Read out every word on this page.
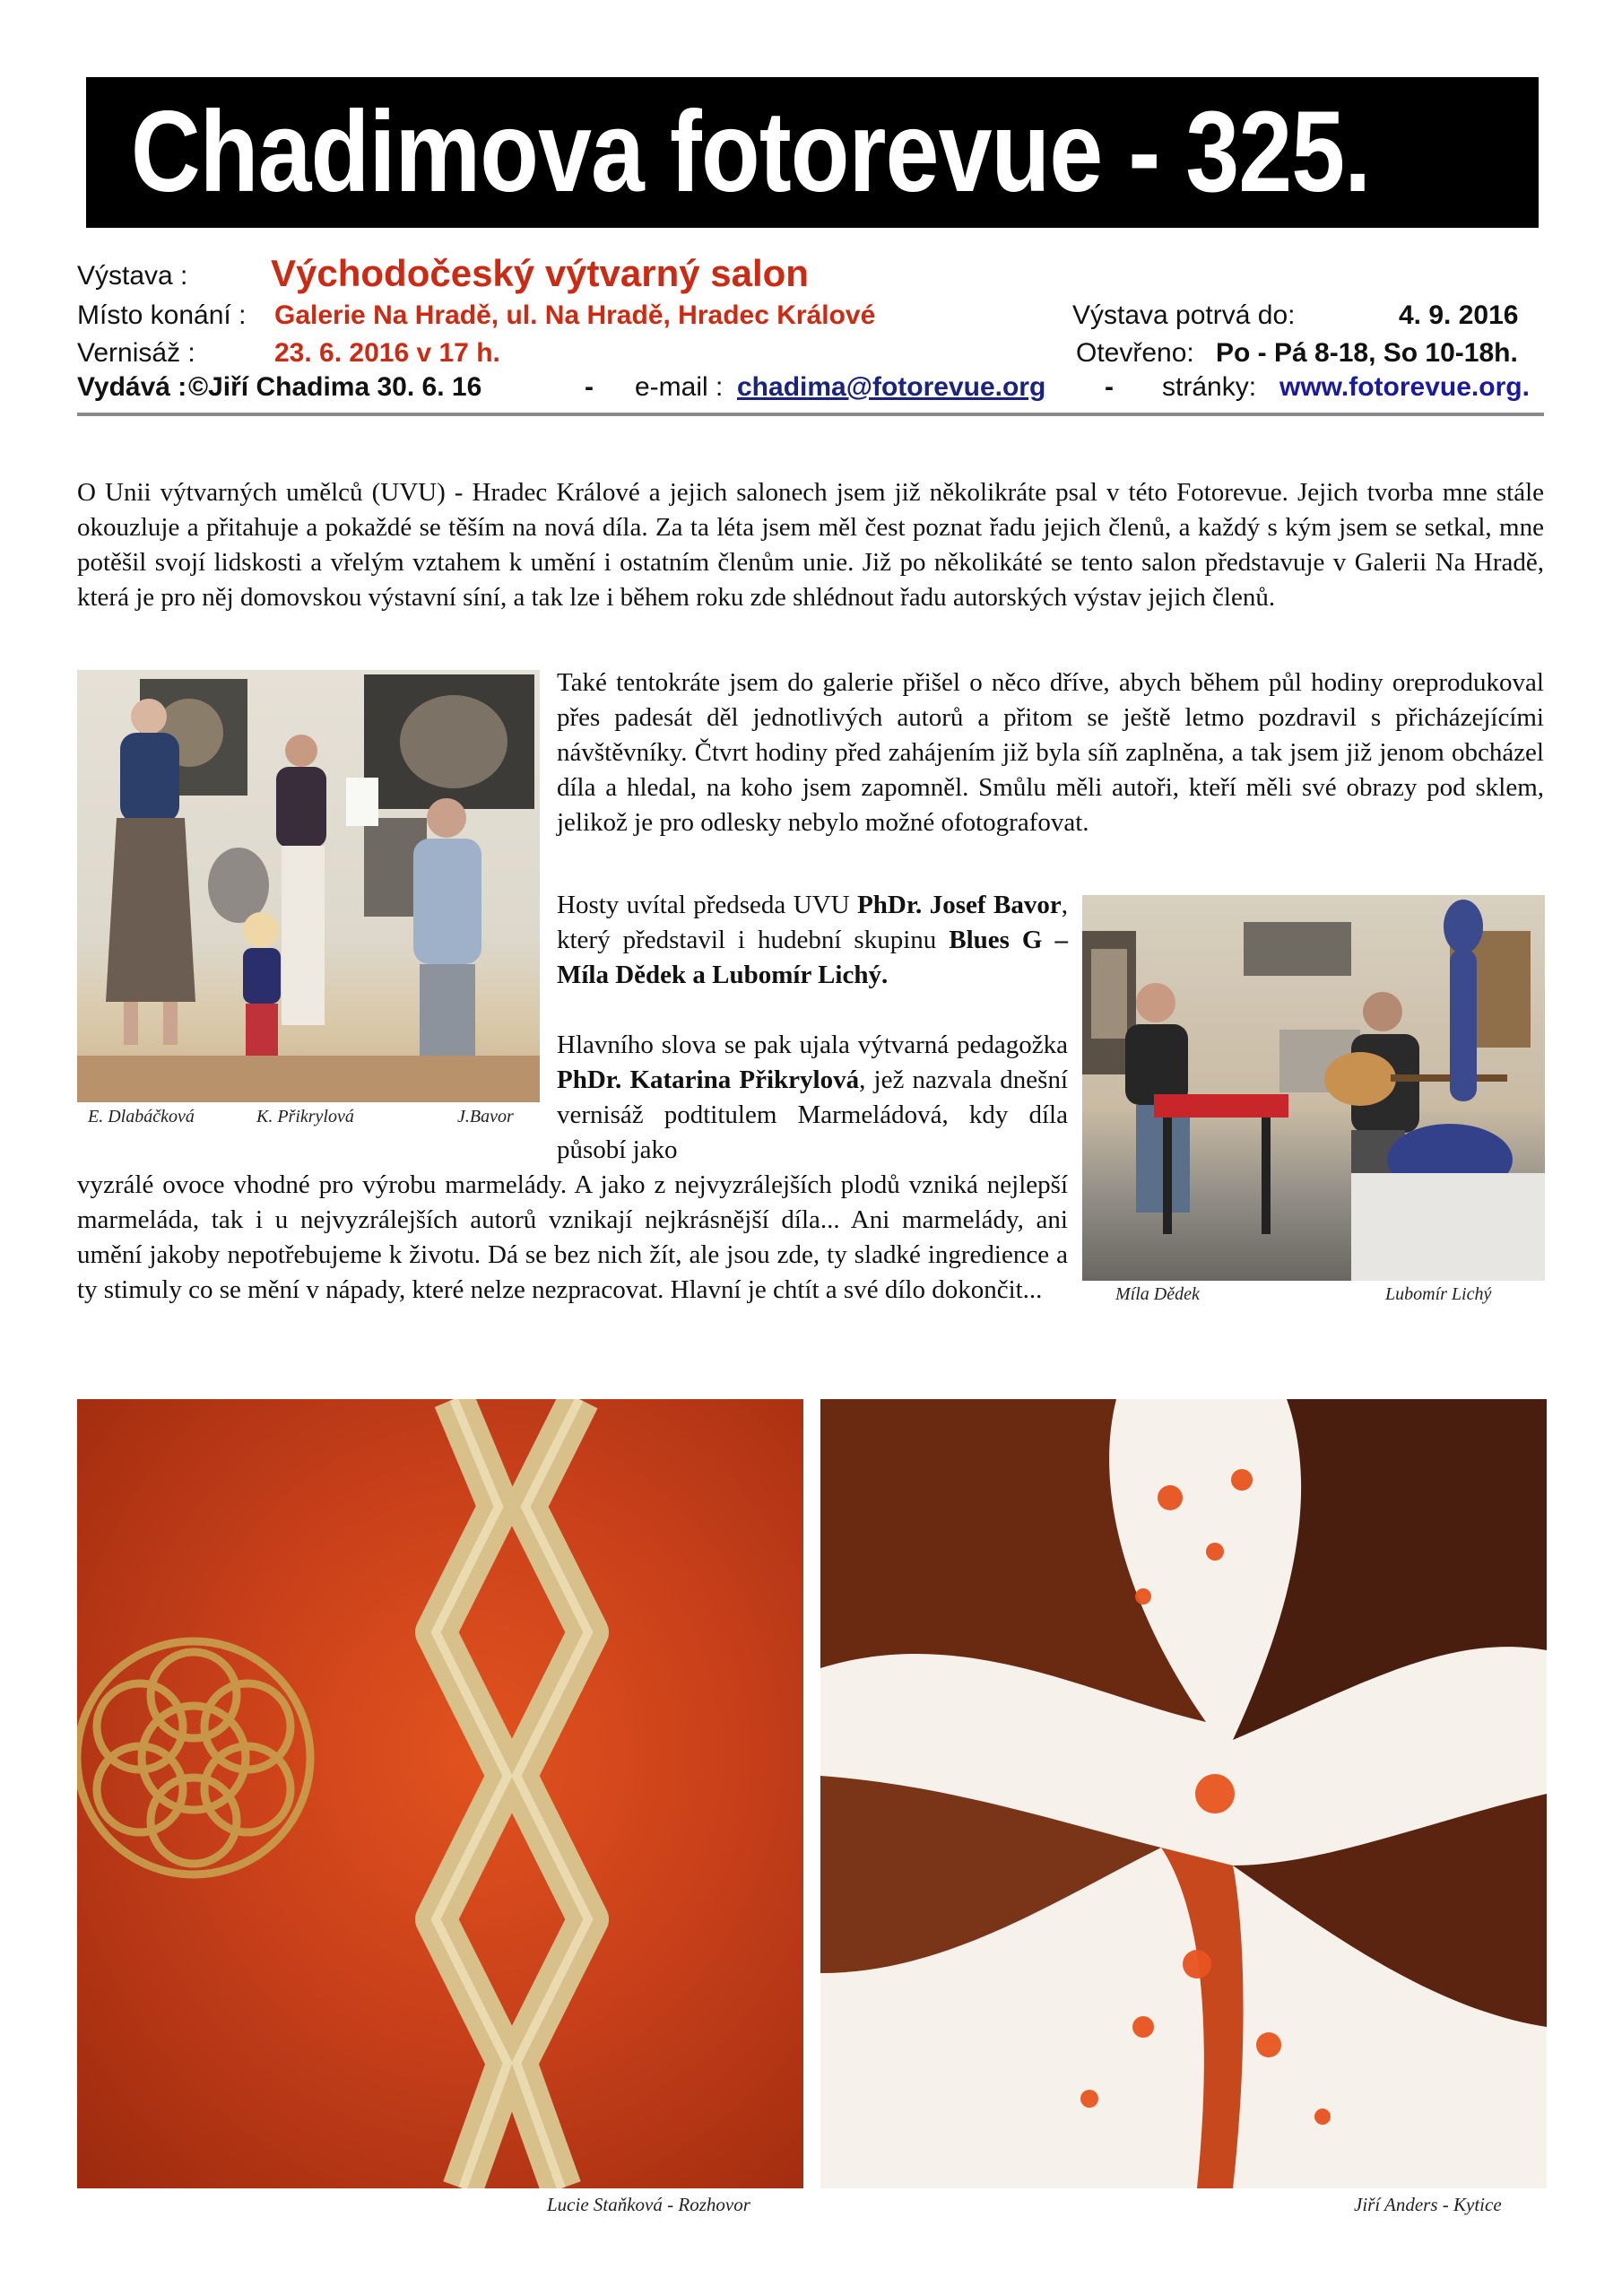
Chadimova fotorevue - 325.
Výstava : Východočeský výtvarný salon
Místo konání : Galerie Na Hradě, ul. Na Hradě, Hradec Králové	Výstava potrvá do:	4. 9. 2016
Vernisáž :	23. 6. 2016 v 17 h.	Otevřeno: Po - Pá 8-18, So 10-18h.
Vydává : ©Jiří Chadima 30. 6. 16	- e-mail : chadima@fotorevue.org - stránky: www.fotorevue.org.
O Unii výtvarných umělců (UVU) - Hradec Králové a jejich salonech jsem již několikráte psal v této Fotorevue. Jejich tvorba mne stále okouzluje a přitahuje a pokaždé se těším na nová díla. Za ta léta jsem měl čest poznat řadu jejich členů, a každý s kým jsem se setkal, mne potěšil svojí lidskosti a vřelým vztahem k umění i ostatním členům unie. Již po několikáté se tento salon představuje v Galerii Na Hradě, která je pro něj domovskou výstavní síní, a tak lze i během roku zde shlédnout řadu autorských výstav jejich členů.
E. Dlabáčková	K. Přikrylová	J.Bavor
Také tentokráte jsem do galerie přišel o něco dříve, abych během půl hodiny oreprodukoval přes padesát děl jednotlivých autorů a přitom se ještě letmo pozdravil s přicházejícími návštěvníky. Čtvrt hodiny před zahájením již byla síň zaplněna, a tak jsem již jenom obcházel díla a hledal, na koho jsem zapomněl. Smůlu měli autoři, kteří měli své obrazy pod sklem, jelikož je pro odlesky nebylo možné ofotografovat.
Hosty uvítal předseda UVU PhDr. Josef Bavor, který představil i hudební skupinu Blues G – Míla Dědek a Lubomír Lichý.
Hlavního slova se pak ujala výtvarná pedagožka PhDr. Katarina Přikrylová, jež nazvala dnešní vernisáž podtitulem Marmeládová, kdy díla působí jako
Míla Dědek	Lubomír Lichý
vyzrálé ovoce vhodné pro výrobu marmelády. A jako z nejvyzrálejších plodů vzniká nejlepší marmeláda, tak i u nejvyzrálejších autorů vznikají nejkrásnější díla... Ani marmelády, ani umění jakoby nepotřebujeme k životu. Dá se bez nich žít, ale jsou zde, ty sladké ingredience a ty stimuly co se mění v nápady, které nelze nezpracovat. Hlavní je chtít a své dílo dokončit...
Lucie Staňková - Rozhovor	Jiří Anders - Kytice
